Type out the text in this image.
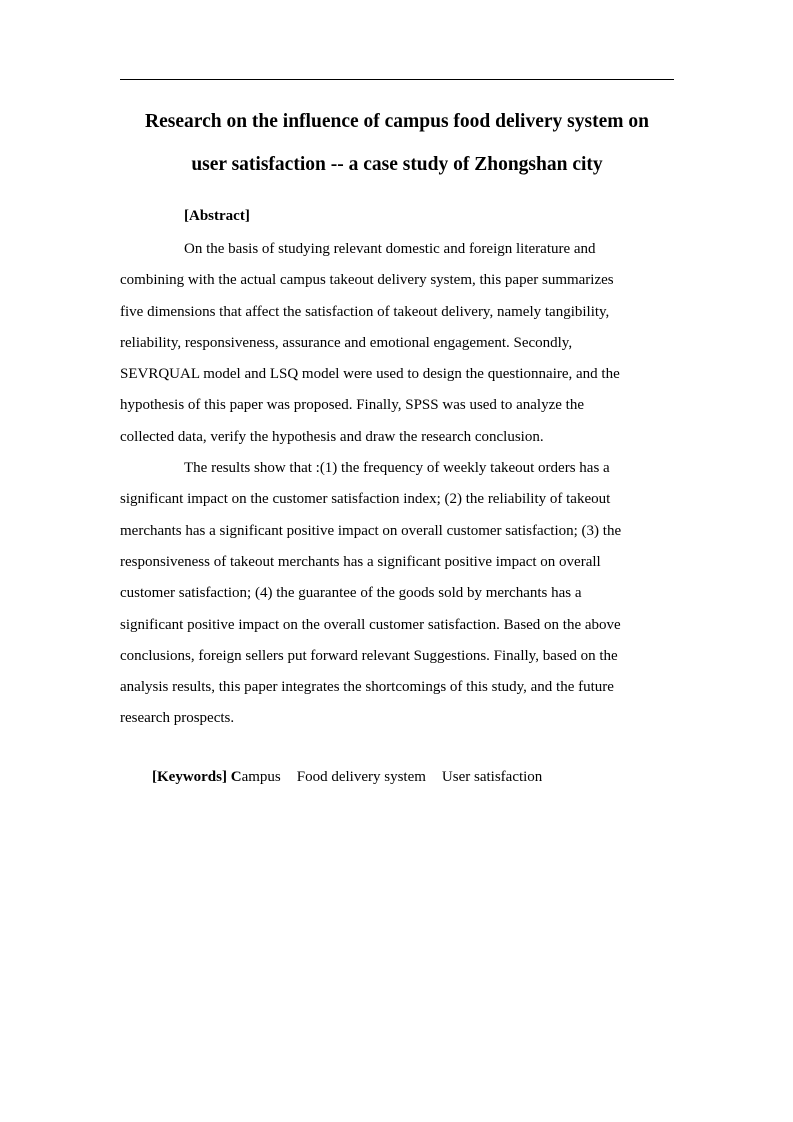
Research on the influence of campus food delivery system on
user satisfaction -- a case study of Zhongshan city
[Abstract]

On the basis of studying relevant domestic and foreign literature and
combining with the actual campus takeout delivery system, this paper summarizes
five dimensions that affect the satisfaction of takeout delivery, namely tangibility,
reliability, responsiveness, assurance and emotional engagement. Secondly,
SEVRQUAL model and LSQ model were used to design the questionnaire, and the
hypothesis of this paper was proposed. Finally, SPSS was used to analyze the
collected data, verify the hypothesis and draw the research conclusion.

The results show that :(1) the frequency of weekly takeout orders has a
significant impact on the customer satisfaction index; (2) the reliability of takeout
merchants has a significant positive impact on overall customer satisfaction; (3) the
responsiveness of takeout merchants has a significant positive impact on overall
customer satisfaction; (4) the guarantee of the goods sold by merchants has a
significant positive impact on the overall customer satisfaction. Based on the above
conclusions, foreign sellers put forward relevant Suggestions. Finally, based on the
analysis results, this paper integrates the shortcomings of this study, and the future
research prospects.

[Keywords] Campus Food delivery system User satisfaction
